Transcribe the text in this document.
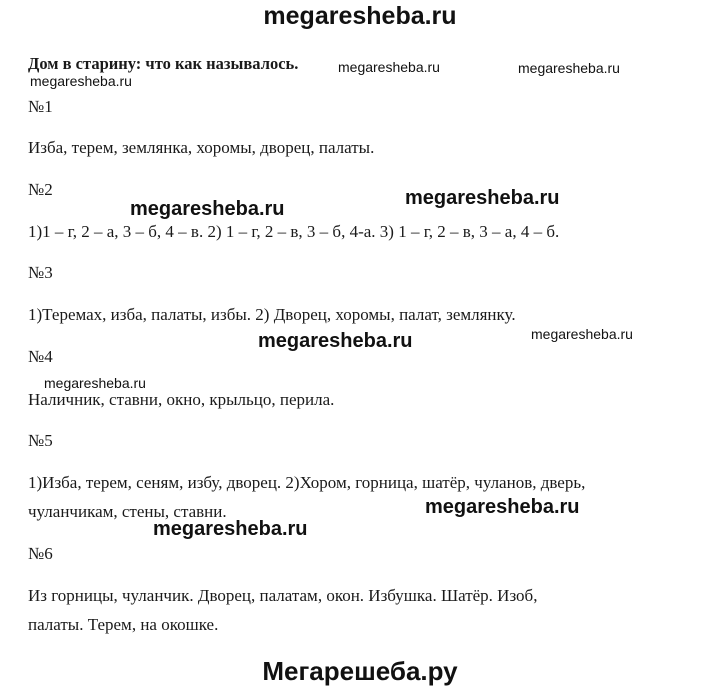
megaresheba.ru
Дом в старину: что как называлось.
№1
Изба, терем, землянка, хоромы, дворец, палаты.
№2
1)1 – г, 2 – а, 3 – б, 4 – в. 2) 1 – г, 2 – в, 3 – б, 4-а. 3) 1 – г, 2 – в, 3 – а, 4 – б.
№3
1)Теремах, изба, палаты, избы. 2) Дворец, хоромы, палат, землянку.
№4
Наличник, ставни, окно, крыльцо, перила.
№5
1)Изба, терем, сеням, избу, дворец. 2)Хором, горница, шатёр, чуланов, дверь,
чуланчикам, стены, ставни.
№6
Из горницы, чуланчик. Дворец, палатам, окон. Избушка. Шатёр. Изоб,
палаты. Терем, на окошке.
megaresheba.ru	megaresheba.ru
megaresheba.ru
megaresheba.ru
megaresheba.ru
megaresheba.ru
megaresheba.ru
megaresheba.ru
megaresheba.ru
megaresheba.ru
Мегарешеба.ру
